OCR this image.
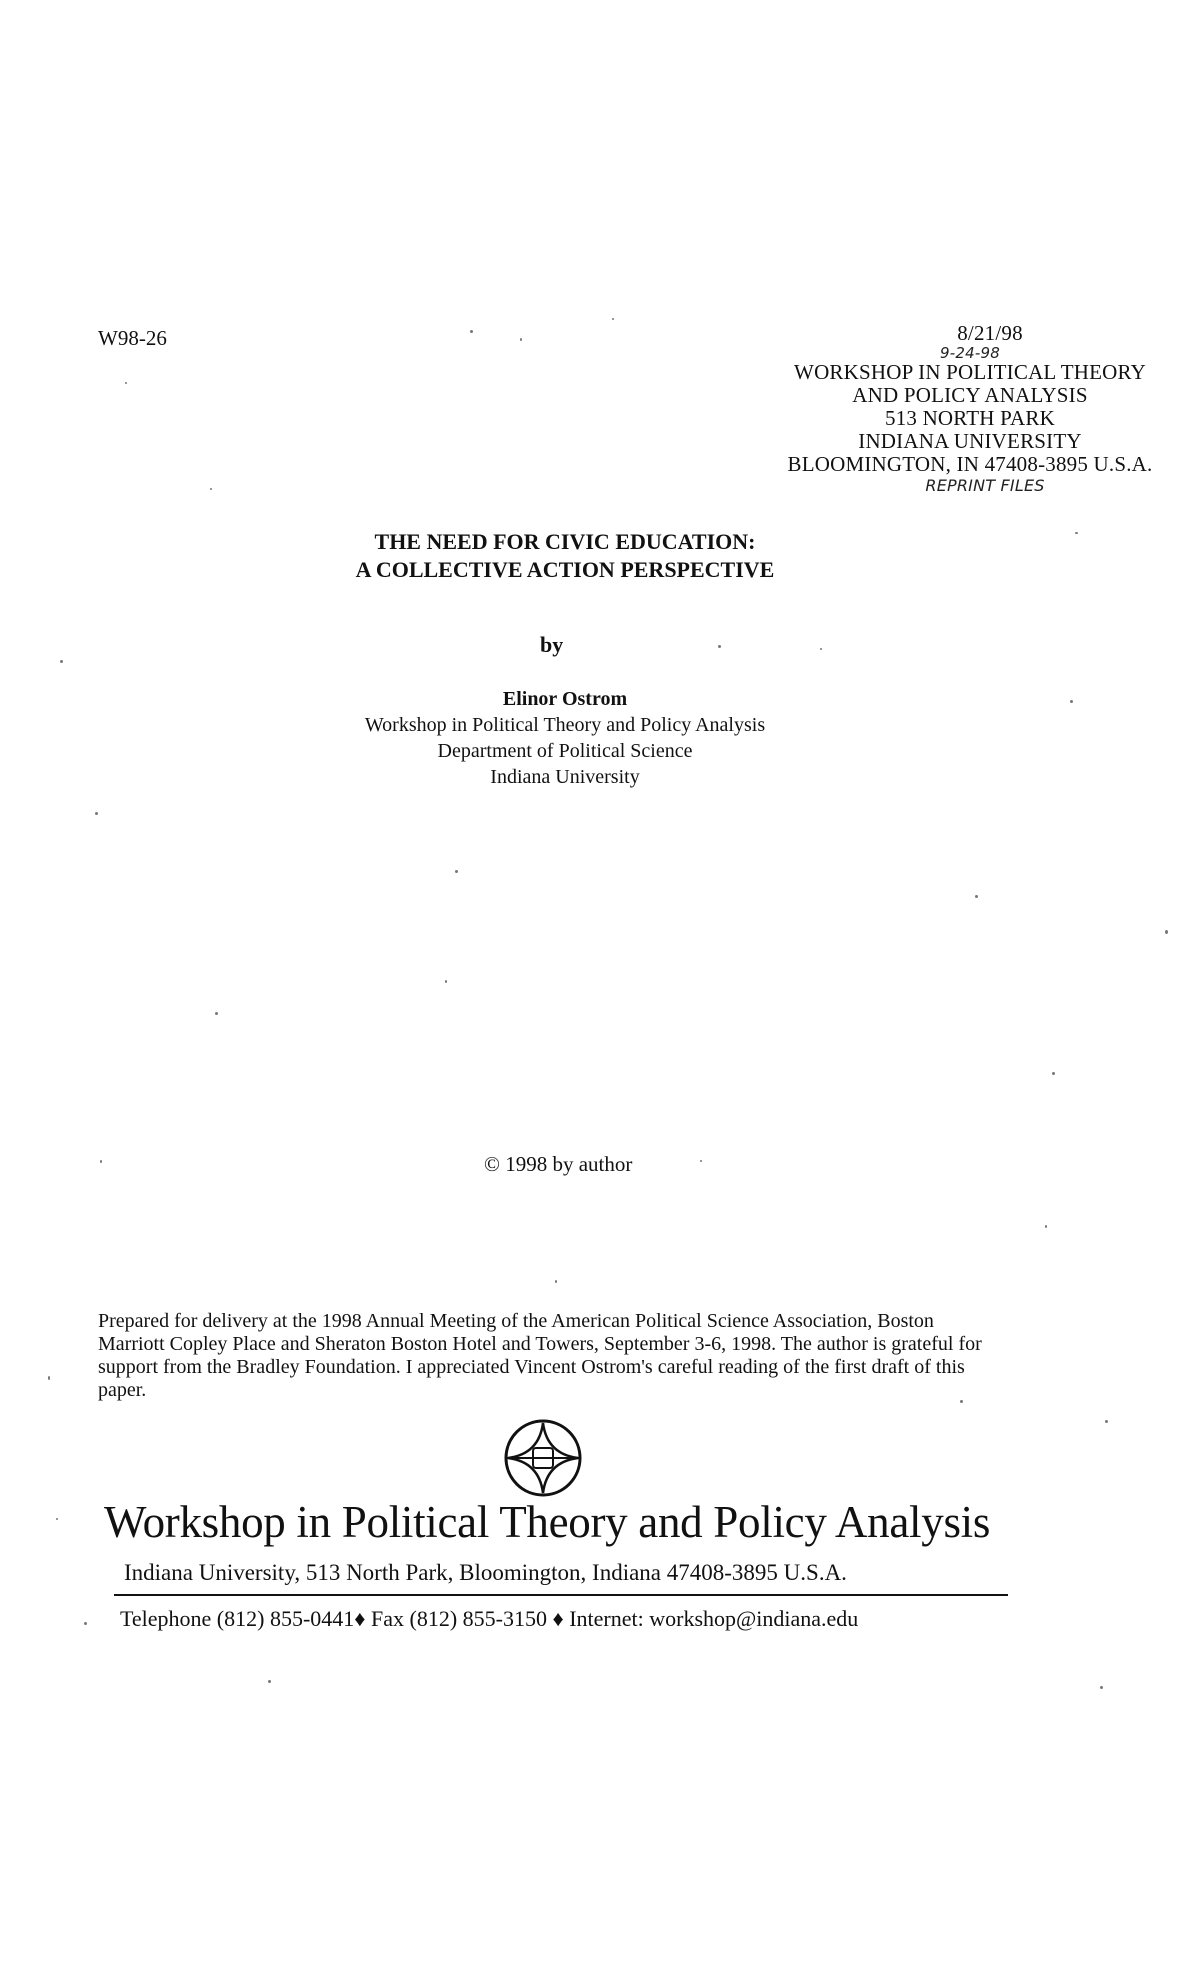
W98-26	8/21/98
9-24-98
WORKSHOP IN POLITICAL THEORY
AND POLICY ANALYSIS
513 NORTH PARK
INDIANA UNIVERSITY
BLOOMINGTON, IN 47408-3895 U.S.A.
REPRINT FILES
THE NEED FOR CIVIC EDUCATION:
A COLLECTIVE ACTION PERSPECTIVE
by
Elinor Ostrom
Workshop in Political Theory and Policy Analysis
Department of Political Science
Indiana University
© 1998 by author
Prepared for delivery at the 1998 Annual Meeting of the American Political Science Association, Boston Marriott Copley Place and Sheraton Boston Hotel and Towers, September 3-6, 1998. The author is grateful for support from the Bradley Foundation. I appreciated Vincent Ostrom's careful reading of the first draft of this paper.
Workshop in Political Theory and Policy Analysis
Indiana University, 513 North Park, Bloomington, Indiana 47408-3895 U.S.A.
Telephone (812) 855-0441♦ Fax (812) 855-3150 ♦ Internet: workshop@indiana.edu
